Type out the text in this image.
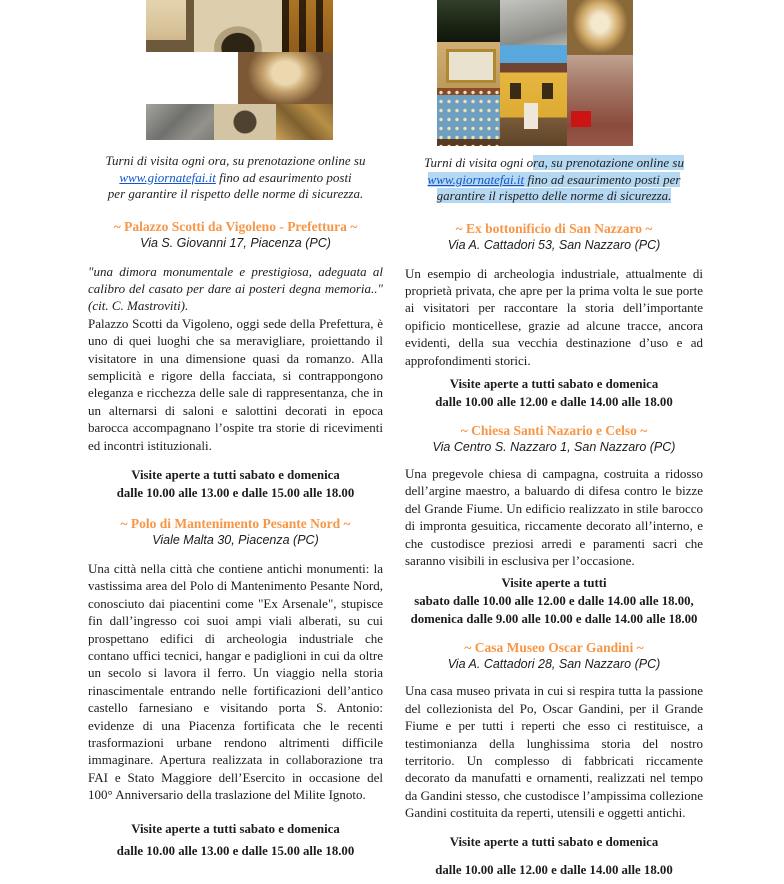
Turni di visita ogni ora, su prenotazione online su
www.giornatefai.it fino ad esaurimento posti
per garantire il rispetto delle norme di sicurezza.
~ Palazzo Scotti da Vigoleno - Prefettura ~
Via S. Giovanni 17, Piacenza (PC)

"una dimora monumentale e prestigiosa, adeguata al calibro del casato per dare ai posteri degna memoria.." (cit. C. Mastroviti).
Palazzo Scotti da Vigoleno, oggi sede della Prefettura, è uno di quei luoghi che sa meravigliare, proiettando il visitatore in una dimensione quasi da romanzo. Alla semplicità e rigore della facciata, si contrappongono eleganza e ricchezza delle sale di rappresentanza, che in un alternarsi di saloni e salottini decorati in epoca barocca accompagnano l’ospite tra storie di ricevimenti ed incontri istituzionali.

Visite aperte a tutti sabato e domenica
dalle 10.00 alle 13.00 e dalle 15.00 alle 18.00
~ Polo di Mantenimento Pesante Nord ~
Viale Malta 30, Piacenza (PC)

Una città nella città che contiene antichi monumenti: la vastissima area del Polo di Mantenimento Pesante Nord, conosciuto dai piacentini come "Ex Arsenale", stupisce fin dall’ingresso coi suoi ampi viali alberati, su cui prospettano edifici di archeologia industriale che contano uffici tecnici, hangar e padiglioni in cui da oltre un secolo si lavora il ferro. Un viaggio nella storia rinascimentale entrando nelle fortificazioni dell’antico castello farnesiano e visitando porta S. Antonio: evidenze di una Piacenza fortificata che le recenti trasformazioni urbane rendono altrimenti difficile immaginare. Apertura realizzata in collaborazione tra FAI e Stato Maggiore dell’Esercito in occasione del 100° Anniversario della traslazione del Milite Ignoto.

Visite aperte a tutti sabato e domenica
dalle 10.00 alle 13.00 e dalle 15.00 alle 18.00
Turni di visita ogni ora, su prenotazione online su
www.giornatefai.it fino ad esaurimento posti per
garantire il rispetto delle norme di sicurezza.
~ Ex bottonificio di San Nazzaro ~
Via A. Cattadori 53, San Nazzaro (PC)

Un esempio di archeologia industriale, attualmente di proprietà privata, che apre per la prima volta le sue porte ai visitatori per raccontare la storia dell’importante opificio monticellese, grazie ad alcune tracce, ancora evidenti, della sua vecchia destinazione d’uso e ad approfondimenti storici.

Visite aperte a tutti sabato e domenica
dalle 10.00 alle 12.00 e dalle 14.00 alle 18.00
~ Chiesa Santi Nazario e Celso ~
Via Centro S. Nazzaro 1, San Nazzaro (PC)

Una pregevole chiesa di campagna, costruita a ridosso dell’argine maestro, a baluardo di difesa contro le bizze del Grande Fiume. Un edificio realizzato in stile barocco di impronta gesuitica, riccamente decorato all’interno, e che custodisce preziosi arredi e paramenti sacri che saranno visibili in esclusiva per l’occasione.

Visite aperte a tutti
sabato dalle 10.00 alle 12.00 e dalle 14.00 alle 18.00,
domenica dalle 9.00 alle 10.00 e dalle 14.00 alle 18.00
~ Casa Museo Oscar Gandini ~
Via A. Cattadori 28, San Nazzaro (PC)

Una casa museo privata in cui si respira tutta la passione del collezionista del Po, Oscar Gandini, per il Grande Fiume e per tutti i reperti che esso ci restituisce, a testimonianza della lunghissima storia del nostro territorio. Un complesso di fabbricati riccamente decorato da manufatti e ornamenti, realizzati nel tempo da Gandini stesso, che custodisce l’ampissima collezione Gandini costituita da reperti, utensili e oggetti antichi.

Visite aperte a tutti sabato e domenica
dalle 10.00 alle 12.00 e dalle 14.00 alle 18.00
